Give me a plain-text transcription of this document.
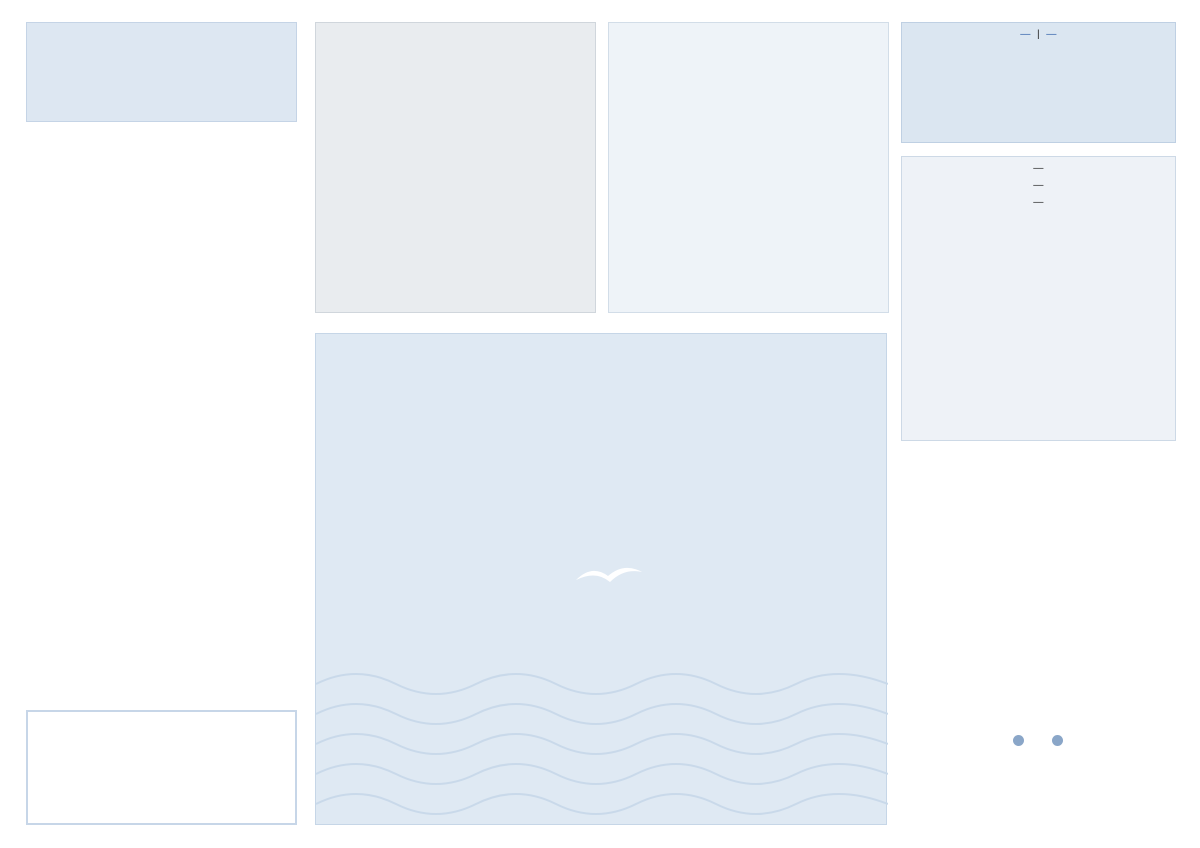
—  |  —
—
—
—
